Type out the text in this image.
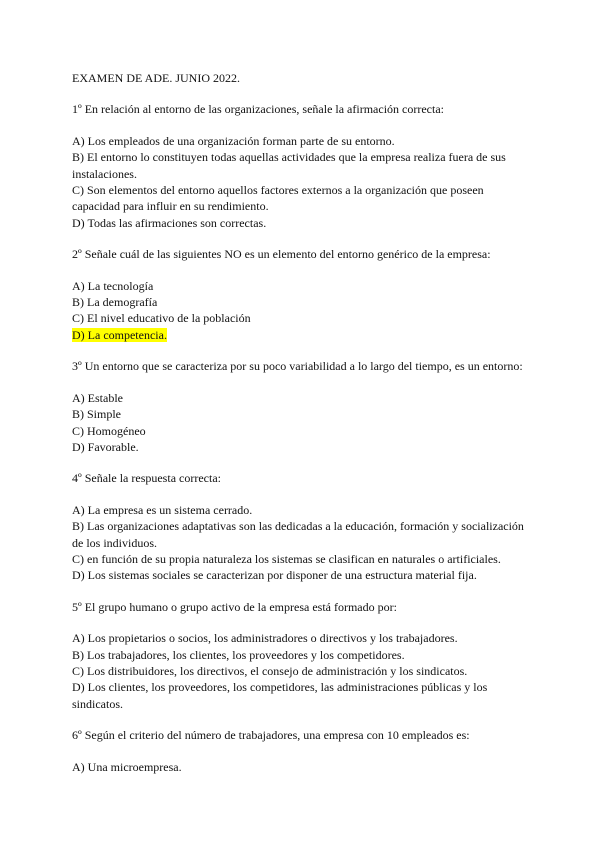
EXAMEN DE ADE. JUNIO 2022.
1º En relación al entorno de las organizaciones, señale la afirmación correcta:
A) Los empleados de una organización forman parte de su entorno.
B) El entorno lo constituyen todas aquellas actividades que la empresa realiza fuera de sus instalaciones.
C) Son elementos del entorno aquellos factores externos a la organización que poseen capacidad para influir en su rendimiento.
D) Todas las afirmaciones son correctas.
2º Señale cuál de las siguientes NO es un elemento del entorno genérico de la empresa:
A) La tecnología
B) La demografía
C) El nivel educativo de la población
D) La competencia.
3º Un entorno que se caracteriza por su poco variabilidad a lo largo del tiempo, es un entorno:
A) Estable
B) Simple
C) Homogéneo
D) Favorable.
4º Señale la respuesta correcta:
A) La empresa es un sistema cerrado.
B) Las organizaciones adaptativas son las dedicadas a la educación, formación y socialización de los individuos.
C) en función de su propia naturaleza los sistemas se clasifican en naturales o artificiales.
D) Los sistemas sociales se caracterizan por disponer de una estructura material fija.
5º El grupo humano o grupo activo de la empresa está formado por:
A) Los propietarios o socios, los administradores o directivos y los trabajadores.
B) Los trabajadores, los clientes, los proveedores y los competidores.
C) Los distribuidores, los directivos, el consejo de administración y los sindicatos.
D) Los clientes, los proveedores, los competidores, las administraciones públicas y los sindicatos.
6º Según el criterio del número de trabajadores, una empresa con 10 empleados es:
A) Una microempresa.
